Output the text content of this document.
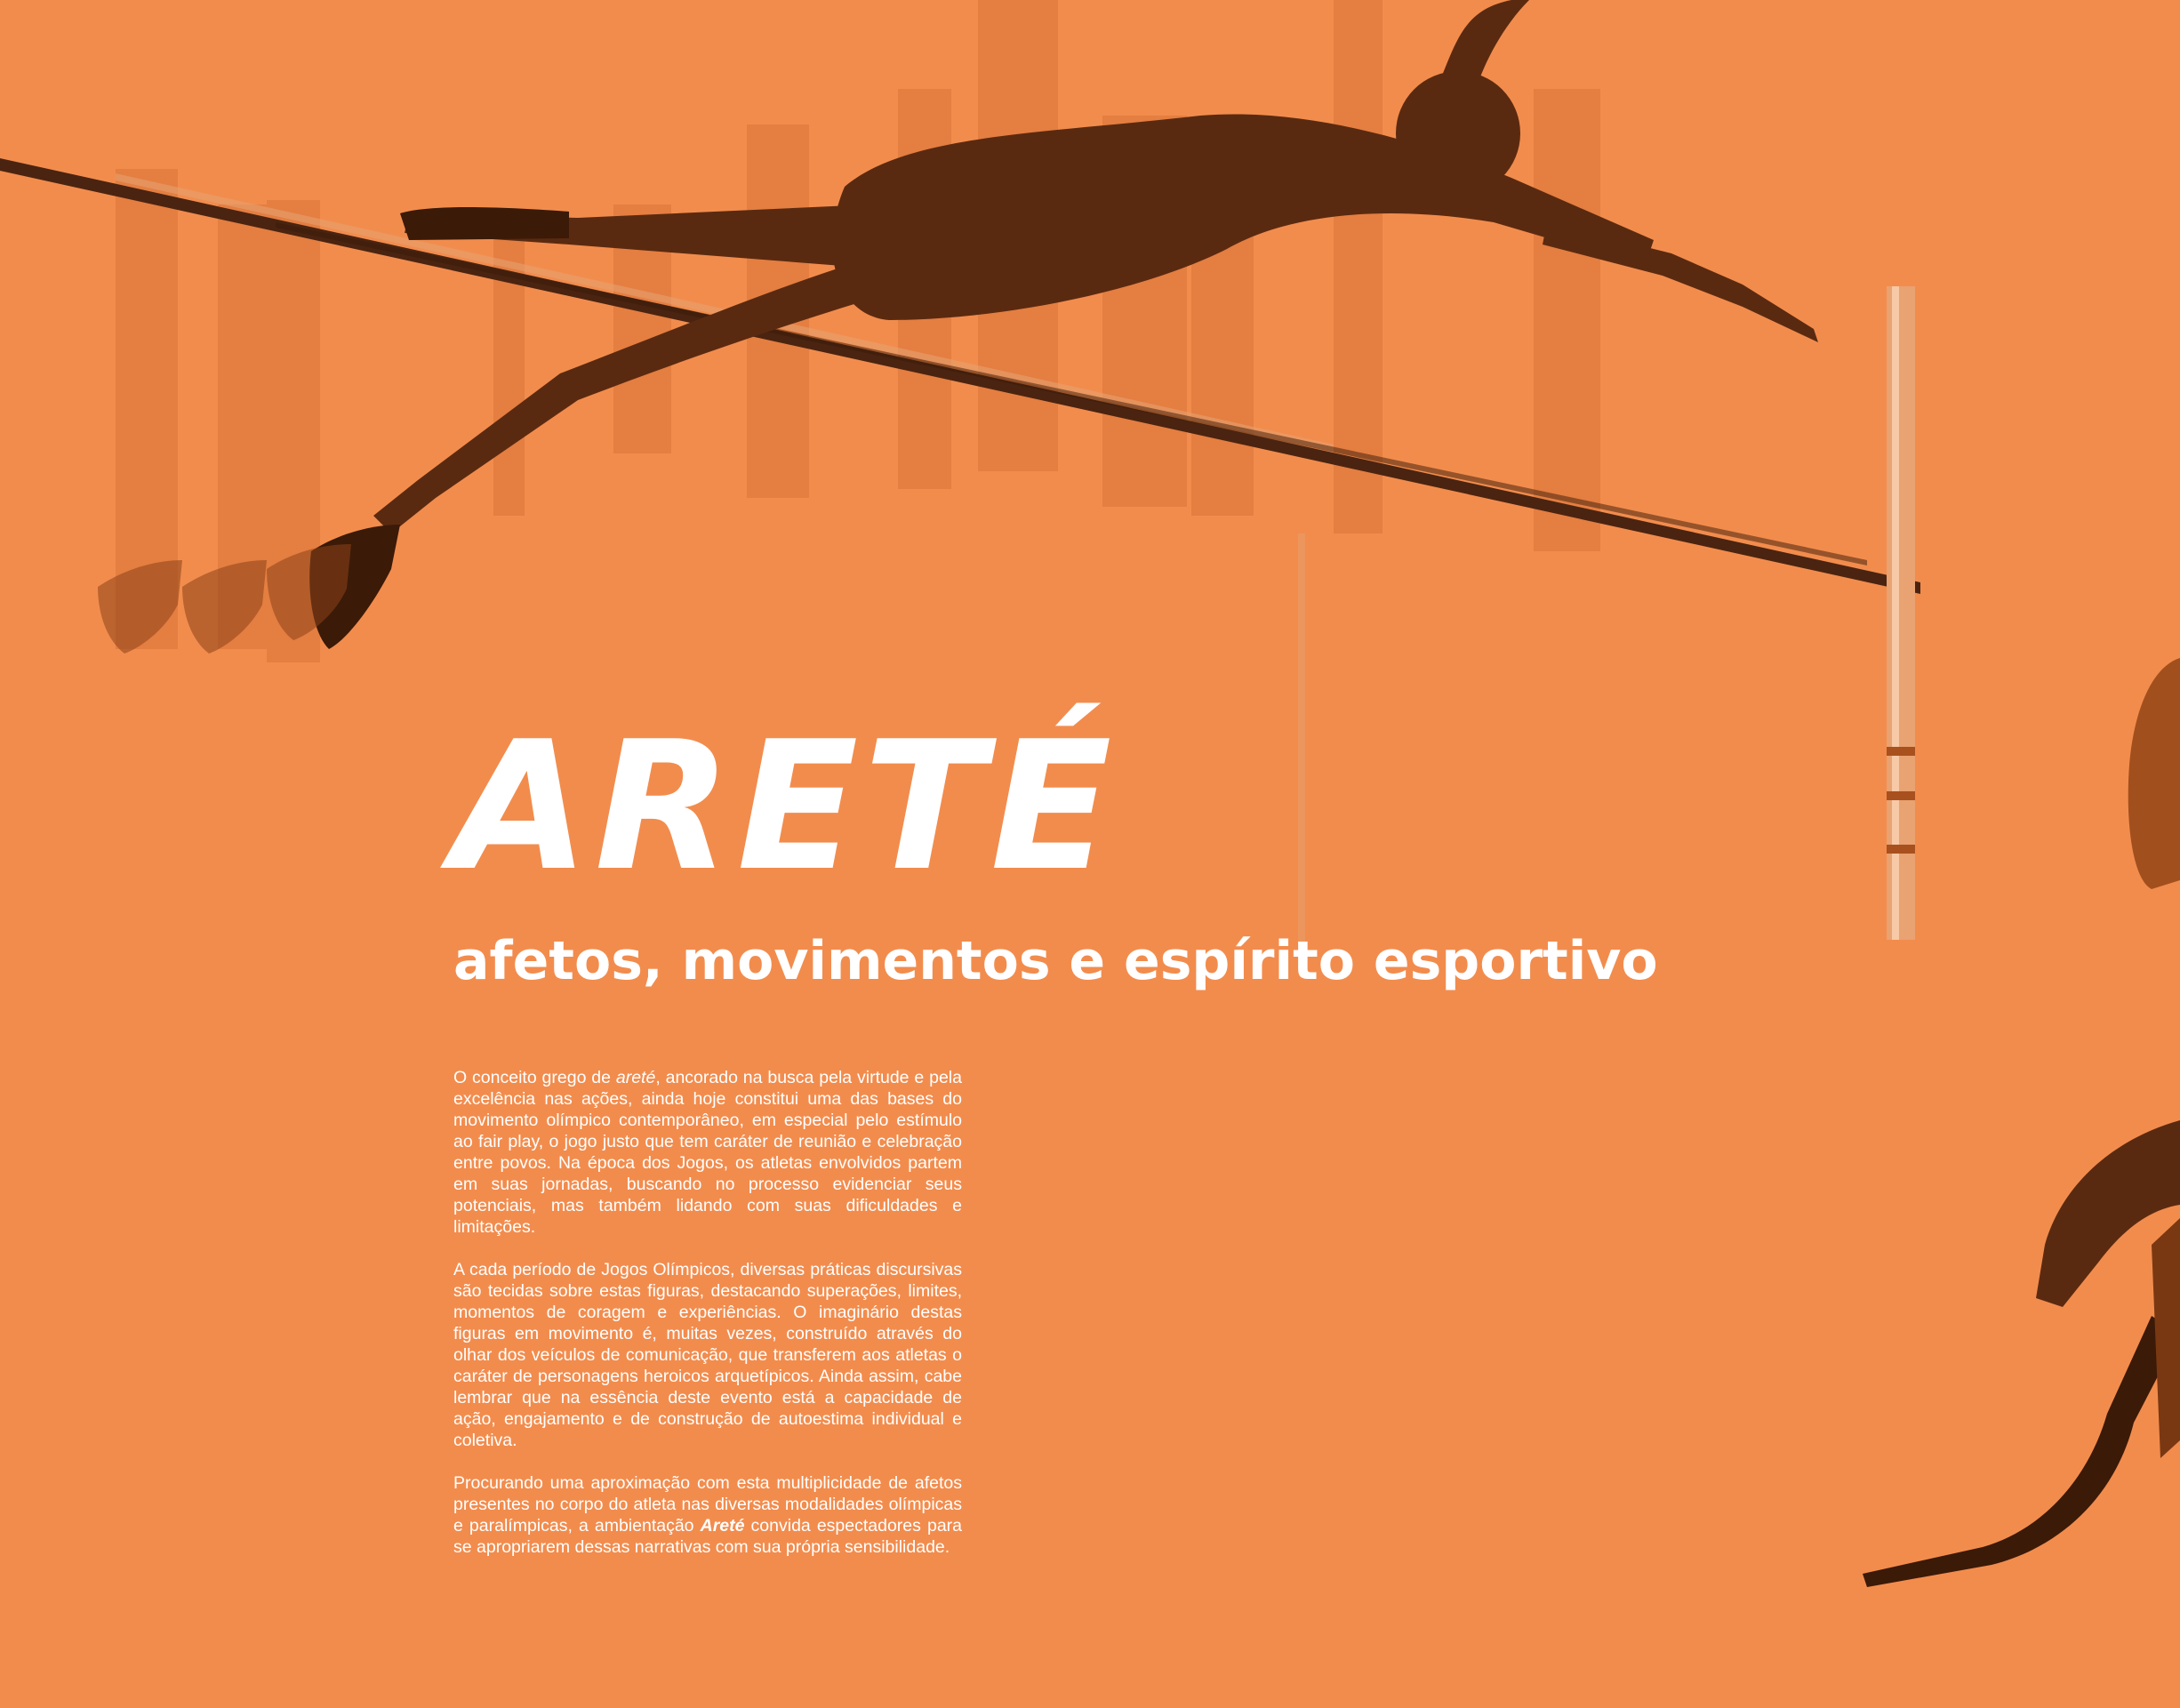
ARETÉ
afetos, movimentos e espírito esportivo

O conceito grego de areté, ancorado na busca pela virtude e pela excelência nas ações, ainda hoje constitui uma das bases do movimento olímpico contemporâneo, em especial pelo estímulo ao fair play, o jogo justo que tem caráter de reunião e celebração entre povos. Na época dos Jogos, os atletas envolvidos partem em suas jornadas, buscando no processo evidenciar seus potenciais, mas também lidando com suas dificuldades e limitações.

A cada período de Jogos Olímpicos, diversas práticas discursivas são tecidas sobre estas figuras, destacando superações, limites, momentos de coragem e experiências. O imaginário destas figuras em movimento é, muitas vezes, construído através do olhar dos veículos de comunicação, que transferem aos atletas o caráter de personagens heroicos arquetípicos. Ainda assim, cabe lembrar que na essência deste evento está a capacidade de ação, engajamento e de construção de autoestima individual e coletiva.

Procurando uma aproximação com esta multiplicidade de afetos presentes no corpo do atleta nas diversas modalidades olímpicas e paralímpicas, a ambientação Areté convida espectadores para se apropriarem dessas narrativas com sua própria sensibilidade.
